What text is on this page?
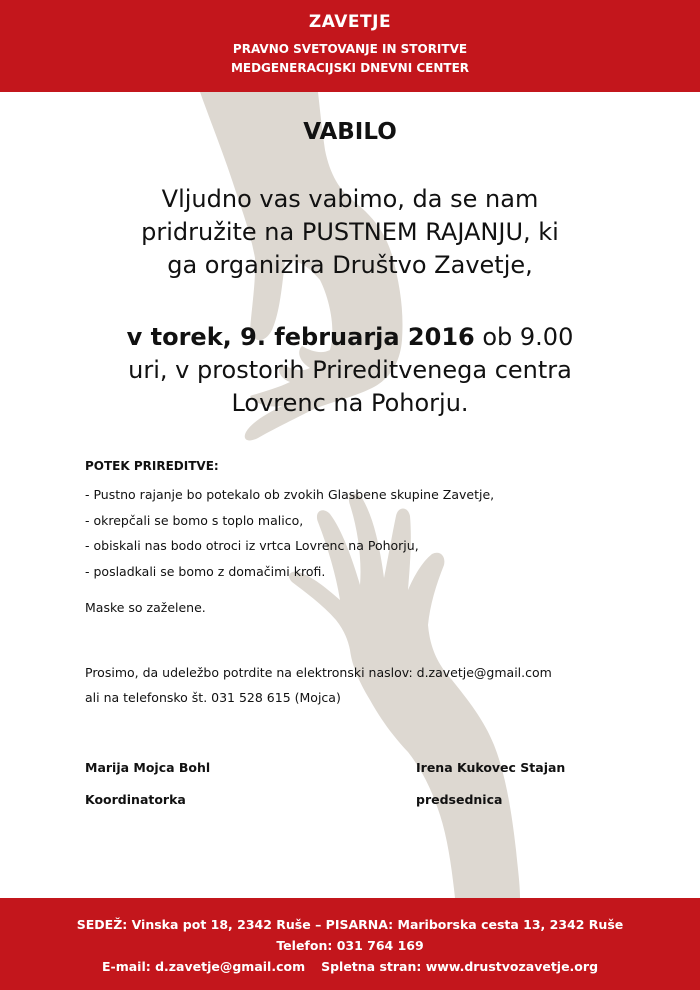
ZAVETJE
PRAVNO SVETOVANJE IN STORITVE
MEDGENERACIJSKI DNEVNI CENTER
VABILO
Vljudno vas vabimo, da se nam
pridružite na PUSTNEM RAJANJU, ki
ga organizira Društvo Zavetje,
v torek, 9. februarja 2016 ob 9.00
uri, v prostorih Prireditvenega centra
Lovrenc na Pohorju.
POTEK PRIREDITVE:
- Pustno rajanje bo potekalo ob zvokih Glasbene skupine Zavetje,
- okrepčali se bomo s toplo malico,
- obiskali nas bodo otroci iz vrtca Lovrenc na Pohorju,
- posladkali se bomo z domačimi krofi.
Maske so zaželene.
Prosimo, da udeležbo potrdite na elektronski naslov: d.zavetje@gmail.com
ali na telefonsko št. 031 528 615 (Mojca)
Marija Mojca Bohl
Koordinatorka
Irena Kukovec Stajan
predsednica
SEDEŽ: Vinska pot 18, 2342 Ruše – PISARNA: Mariborska cesta 13, 2342 Ruše
Telefon: 031 764 169
E-mail: d.zavetje@gmail.com Spletna stran: www.drustvozavetje.org
